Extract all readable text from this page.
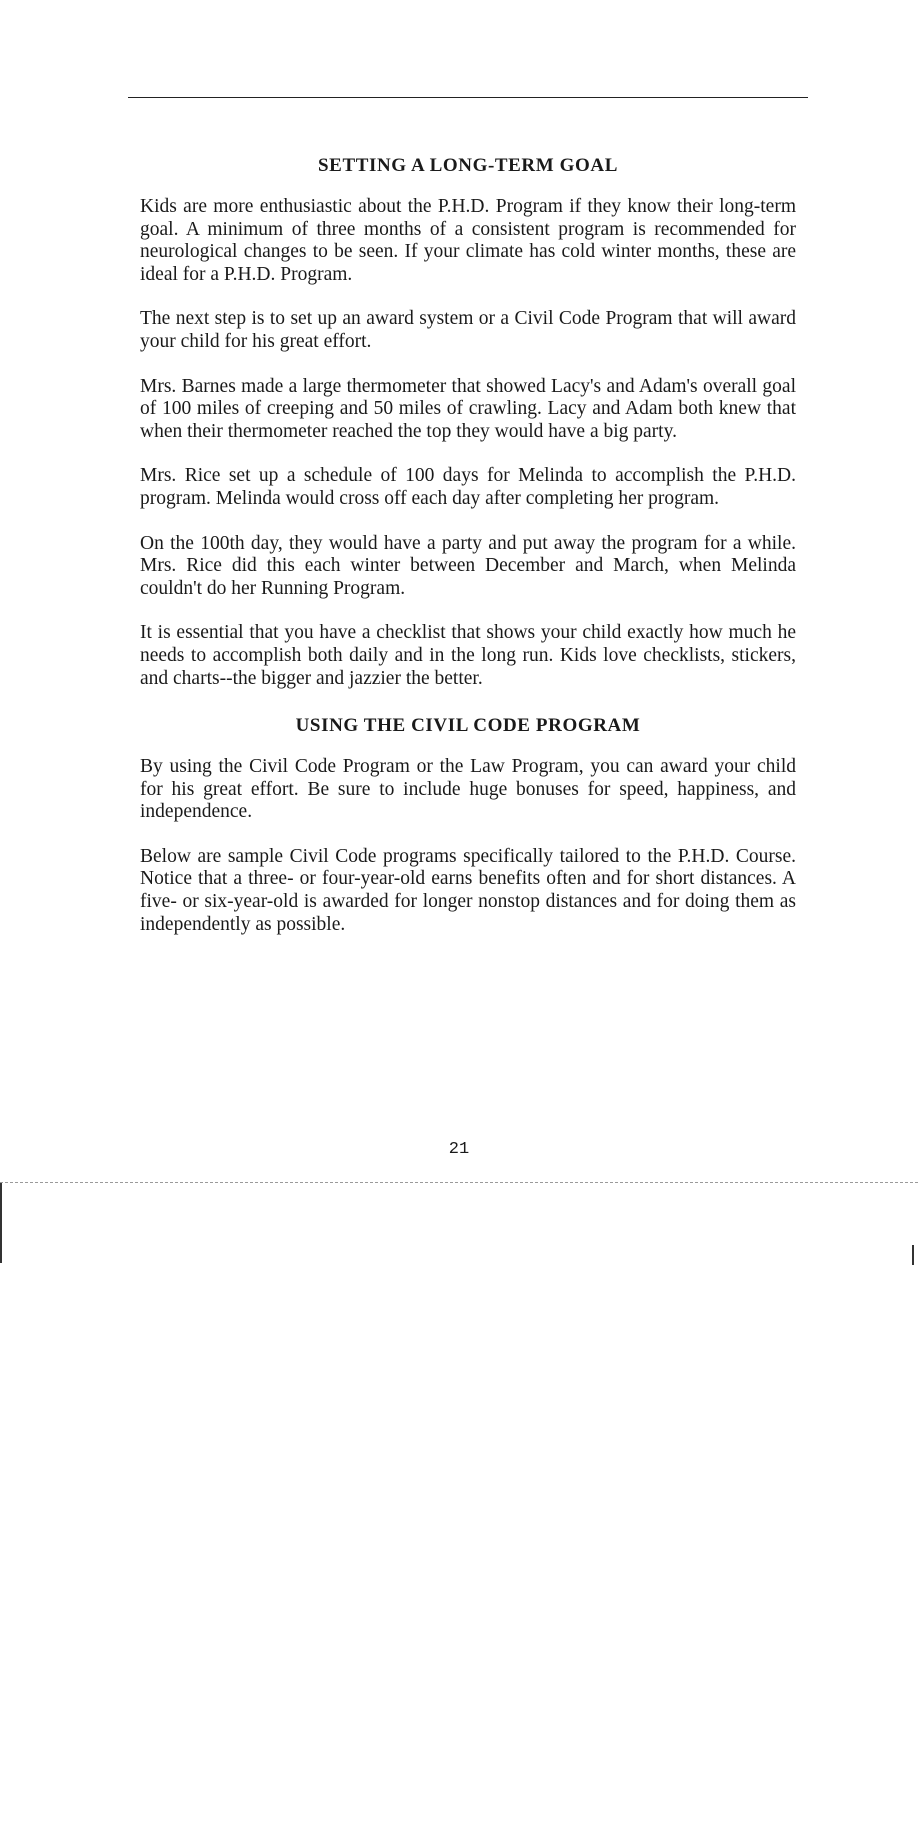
SETTING A LONG-TERM GOAL

Kids are more enthusiastic about the P.H.D. Program if they know their long-term goal. A minimum of three months of a consistent program is recommended for neurological changes to be seen. If your climate has cold winter months, these are ideal for a P.H.D. Program.

The next step is to set up an award system or a Civil Code Program that will award your child for his great effort.

Mrs. Barnes made a large thermometer that showed Lacy's and Adam's overall goal of 100 miles of creeping and 50 miles of crawling. Lacy and Adam both knew that when their thermometer reached the top they would have a big party.

Mrs. Rice set up a schedule of 100 days for Melinda to accomplish the P.H.D. program. Melinda would cross off each day after completing her program.

On the 100th day, they would have a party and put away the program for a while. Mrs. Rice did this each winter between December and March, when Melinda couldn't do her Running Program.

It is essential that you have a checklist that shows your child exactly how much he needs to accomplish both daily and in the long run. Kids love checklists, stickers, and charts--the bigger and jazzier the better.

USING THE CIVIL CODE PROGRAM

By using the Civil Code Program or the Law Program, you can award your child for his great effort. Be sure to include huge bonuses for speed, happiness, and independence.

Below are sample Civil Code programs specifically tailored to the P.H.D. Course. Notice that a three- or four-year-old earns benefits often and for short distances. A five- or six-year-old is awarded for longer nonstop distances and for doing them as independently as possible.

21
